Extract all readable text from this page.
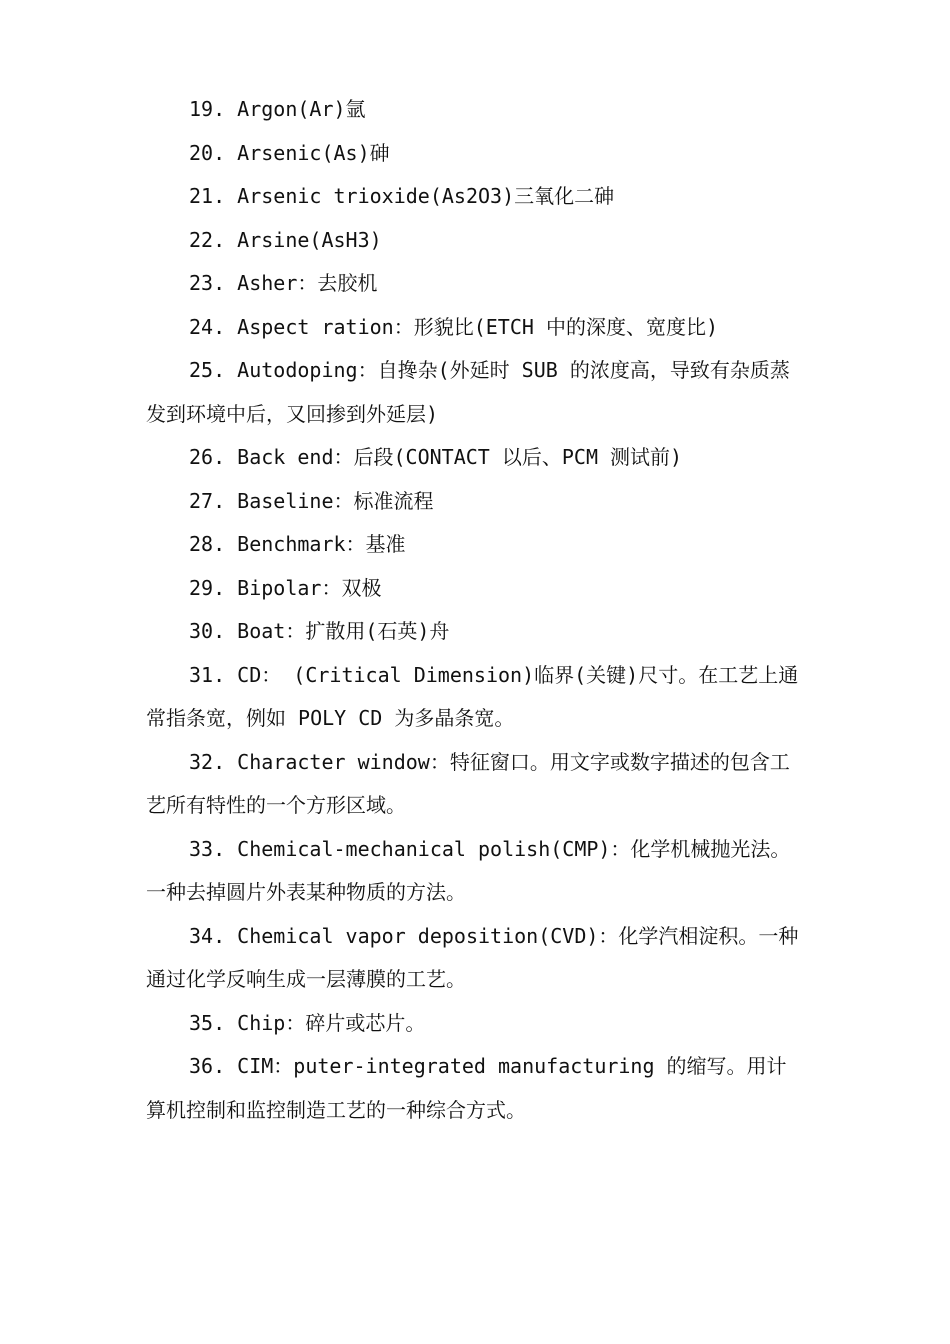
19. Argon(Ar)氩
20. Arsenic(As)砷
21. Arsenic trioxide(As2O3)三氧化二砷
22. Arsine(AsH3)
23. Asher：去胶机
24. Aspect ration：形貌比(ETCH 中的深度、宽度比)
25. Autodoping：自搀杂(外延时 SUB 的浓度高，导致有杂质蒸发到环境中后，又回掺到外延层)
26. Back end：后段(CONTACT 以后、PCM 测试前)
27. Baseline：标准流程
28. Benchmark：基准
29. Bipolar：双极
30. Boat：扩散用(石英)舟
31. CD： (Critical Dimension)临界(关键)尺寸。在工艺上通常指条宽，例如 POLY CD 为多晶条宽。
32. Character window：特征窗口。用文字或数字描述的包含工艺所有特性的一个方形区域。
33. Chemical-mechanical polish(CMP)：化学机械抛光法。一种去掉圆片外表某种物质的方法。
34. Chemical vapor deposition(CVD)：化学汽相淀积。一种通过化学反响生成一层薄膜的工艺。
35. Chip：碎片或芯片。
36. CIM：puter-integrated manufacturing 的缩写。用计算机控制和监控制造工艺的一种综合方式。
